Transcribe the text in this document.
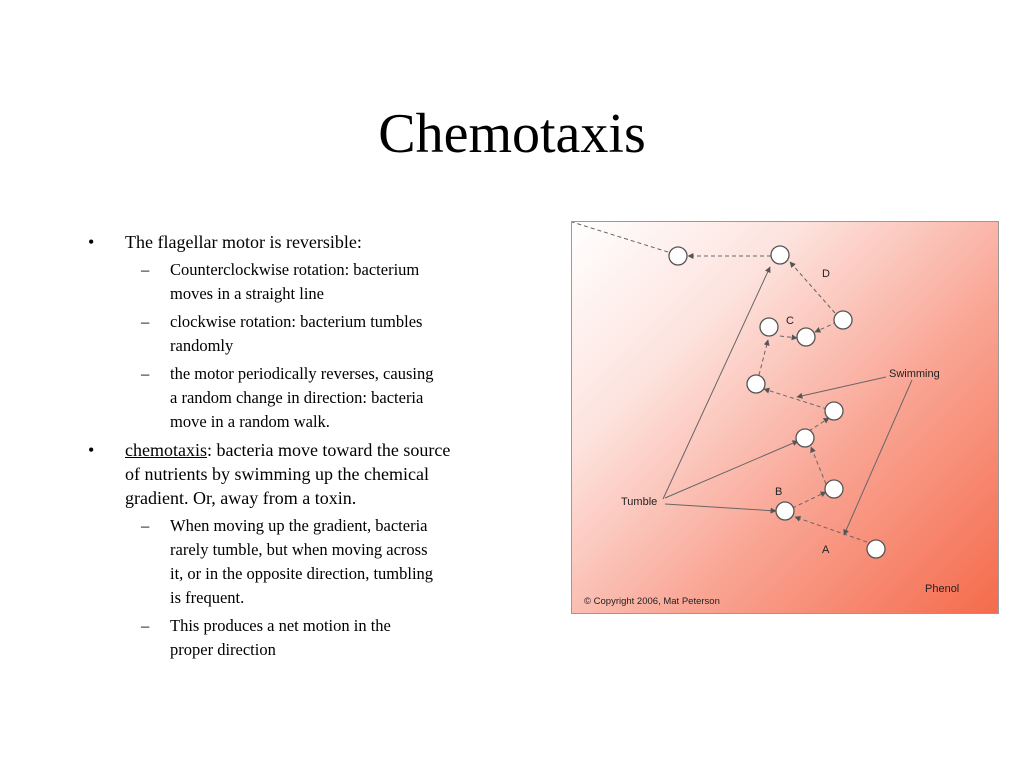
Chemotaxis
• The flagellar motor is reversible:
– Counterclockwise rotation: bacterium
moves in a straight line
– clockwise rotation: bacterium tumbles
randomly
– the motor periodically reverses, causing
a random change in direction: bacteria
move in a random walk.
• chemotaxis: bacteria move toward the source
of nutrients by swimming up the chemical
gradient. Or, away from a toxin.
– When moving up the gradient, bacteria
rarely tumble, but when moving across
it, or in the opposite direction, tumbling
is frequent.
– This produces a net motion in the
proper direction
D
C
B
A
Swimming
Tumble
Phenol
© Copyright 2006, Mat Peterson
